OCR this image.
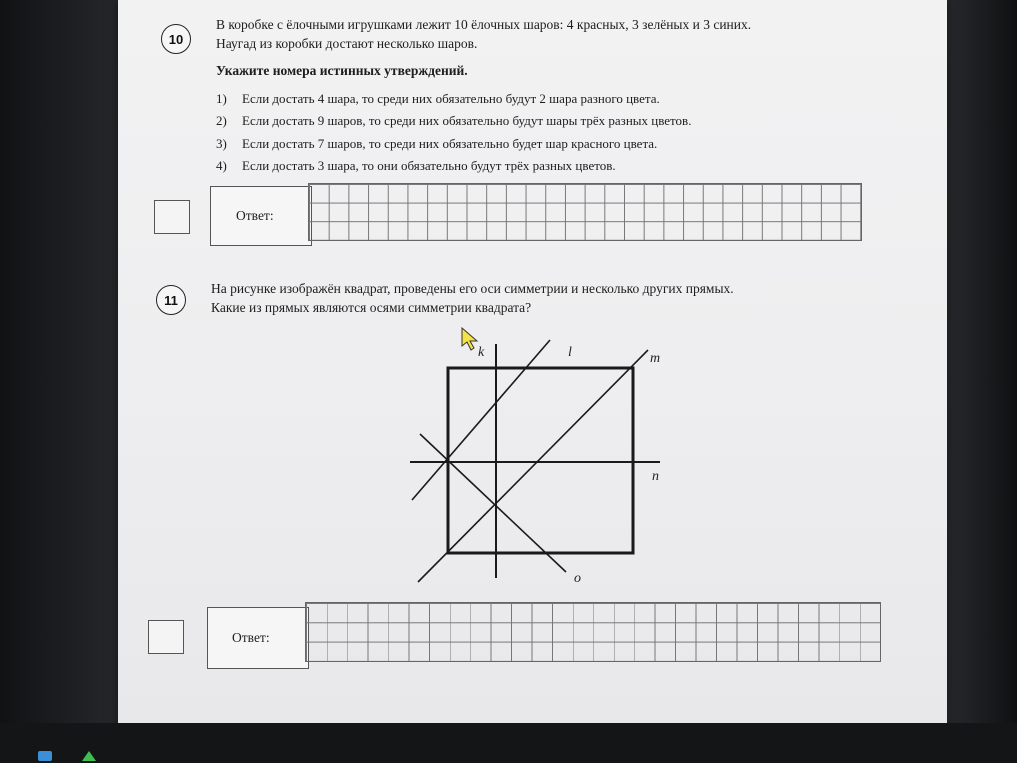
10
В коробке с ёлочными игрушками лежит 10 ёлочных шаров: 4 красных, 3 зелёных и 3 синих.
Наугад из коробки достают несколько шаров.
Укажите номера истинных утверждений.
1) Если достать 4 шара, то среди них обязательно будут 2 шара разного цвета.
2) Если достать 9 шаров, то среди них обязательно будут шары трёх разных цветов.
3) Если достать 7 шаров, то среди них обязательно будет шар красного цвета.
4) Если достать 3 шара, то они обязательно будут трёх разных цветов.
Ответ:
11
На рисунке изображён квадрат, проведены его оси симметрии и несколько других прямых.
Какие из прямых являются осями симметрии квадрата?
k	l	m
n
o
Ответ:
